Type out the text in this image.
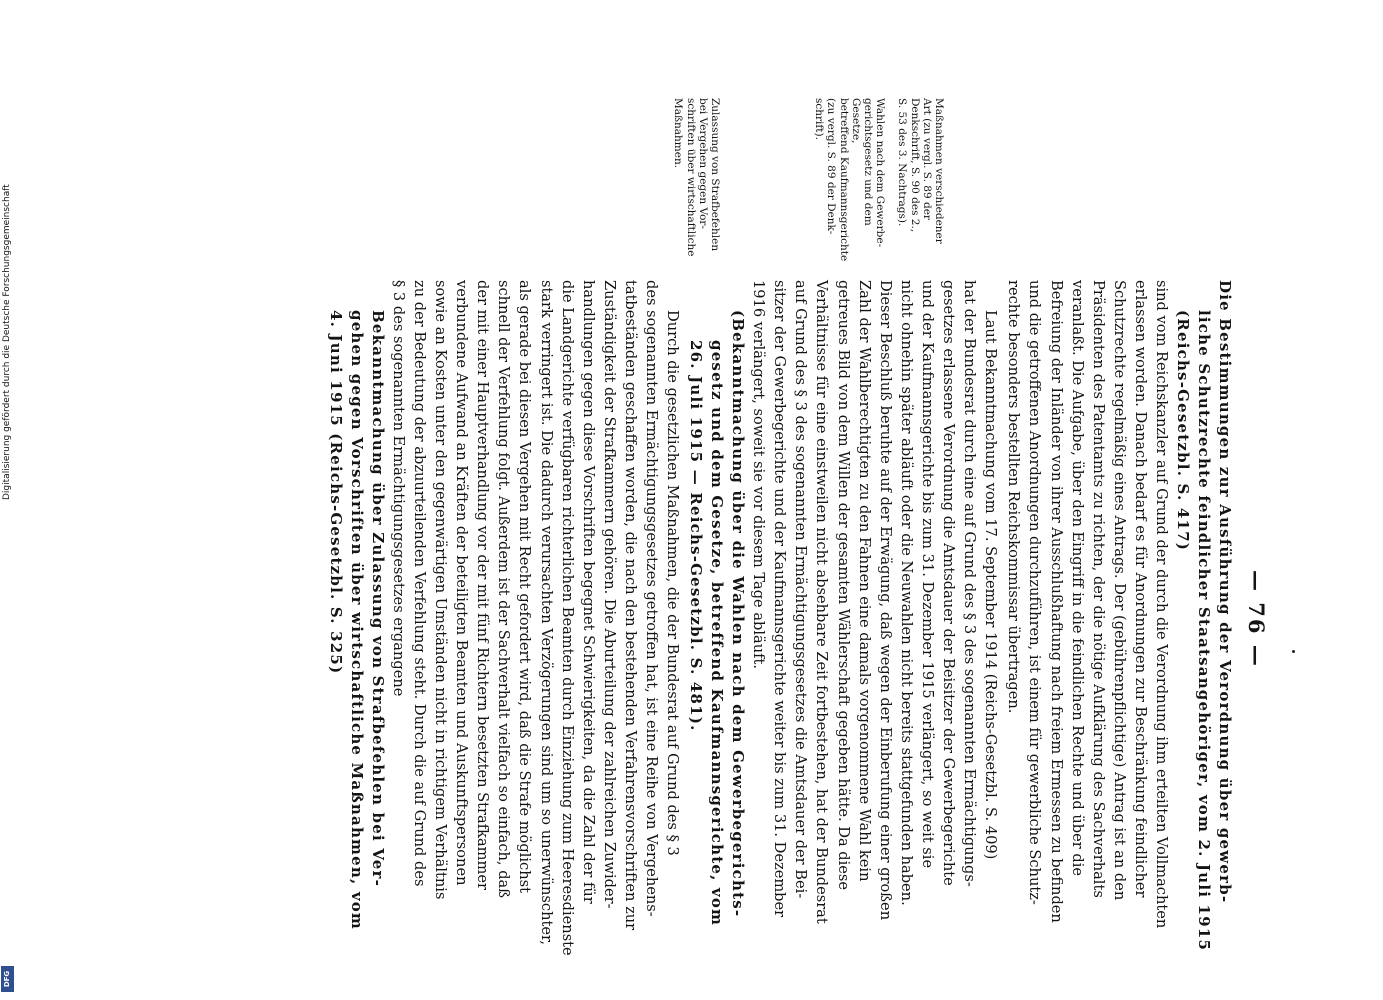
Digitalisierung gefördert durch die Deutsche Forschungsgemeinschaft
DFG
— 76 —

Die Bestimmungen zur Ausführung der Verordnung über gewerb-

liche Schutzrechte feindlicher Staatsangehöriger, vom 2. Juli 1915

(Reichs-Gesetzbl. S. 417)

sind vom Reichskanzler auf Grund der durch die Verordnung ihm erteilten Vollmachten

erlassen worden. Danach bedarf es für Anordnungen zur Beschränkung feindlicher

Schutzrechte regelmäßig eines Antrags. Der (gebührenpflichtige) Antrag ist an den

Präsidenten des Patentamts zu richten, der die nötige Aufklärung des Sachverhalts

veranlaßt. Die Aufgabe, über den Eingriff in die feindlichen Rechte und über die

Befreiung der Inländer von ihrer Ausschlußhaftung nach freiem Ermessen zu befinden

und die getroffenen Anordnungen durchzuführen, ist einem für gewerbliche Schutz-

rechte besonders bestellten Reichskommissar übertragen.

Laut Bekanntmachung vom 17. September 1914 (Reichs-Gesetzbl. S. 409)

hat der Bundesrat durch eine auf Grund des § 3 des sogenannten Ermächtigungs-

gesetzes erlassene Verordnung die Amtsdauer der Beisitzer der Gewerbegerichte

und der Kaufmannsgerichte bis zum 31. Dezember 1915 verlängert, so weit sie

nicht ohnehin später abläuft oder die Neuwahlen nicht bereits stattgefunden haben.

Dieser Beschluß beruhte auf der Erwägung, daß wegen der Einberufung einer großen

Zahl der Wahlberechtigten zu den Fahnen eine damals vorgenommene Wahl kein

getreues Bild von dem Willen der gesamten Wählerschaft gegeben hätte. Da diese

Verhältnisse für eine einstweilen nicht absehbare Zeit fortbestehen, hat der Bundesrat

auf Grund des § 3 des sogenannten Ermächtigungsgesetzes die Amtsdauer der Bei-

sitzer der Gewerbegerichte und der Kaufmannsgerichte weiter bis zum 31. Dezember

1916 verlängert, soweit sie vor diesem Tage abläuft.

(Bekanntmachung über die Wahlen nach dem Gewerbegerichts-

gesetz und dem Gesetze, betreffend Kaufmannsgerichte, vom

26. Juli 1915 — Reichs-Gesetzbl. S. 481).

Durch die gesetzlichen Maßnahmen, die der Bundesrat auf Grund des § 3

des sogenannten Ermächtigungsgesetzes getroffen hat, ist eine Reihe von Vergehens-

tatbeständen geschaffen worden, die nach den bestehenden Verfahrensvorschriften zur

Zuständigkeit der Strafkammern gehören. Die Aburteilung der zahlreichen Zuwider-

handlungen gegen diese Vorschriften begegnet Schwierigkeiten, da die Zahl der für

die Landgerichte verfügbaren richterlichen Beamten durch Einziehung zum Heeresdienste

stark verringert ist. Die dadurch verursachten Verzögerungen sind um so unerwünschter,

als gerade bei diesen Vergehen mit Recht gefordert wird, daß die Strafe möglichst

schnell der Verfehlung folgt. Außerdem ist der Sachverhalt vielfach so einfach, daß

der mit einer Hauptverhandlung vor der mit fünf Richtern besetzten Strafkammer

verbundene Aufwand an Kräften der beteiligten Beamten und Auskunftspersonen

sowie an Kosten unter den gegenwärtigen Umständen nicht in richtigem Verhältnis

zu der Bedeutung der abzuurteilenden Verfehlung steht. Durch die auf Grund des

§ 3 des sogenannten Ermächtigungsgesetzes ergangene

Bekanntmachung über Zulassung von Strafbefehlen bei Ver-

gehen gegen Vorschriften über wirtschaftliche Maßnahmen, vom

4. Juni 1915 (Reichs-Gesetzbl. S. 325)

Maßnahmen verschiedener

Art (zu vergl. S. 89 der

Denkschrift, S. 90 des 2.,

S. 53 des 3. Nachtrags).

Wahlen nach dem Gewerbe-

gerichtsgesetz und dem Gesetze,

betreffend Kaufmannsgerichte

(zu vergl. S. 89 der Denk-

schrift).

Zulassung von Strafbefehlen

bei Vergehen gegen Vor-

schriften über wirtschaftliche

Maßnahmen.
